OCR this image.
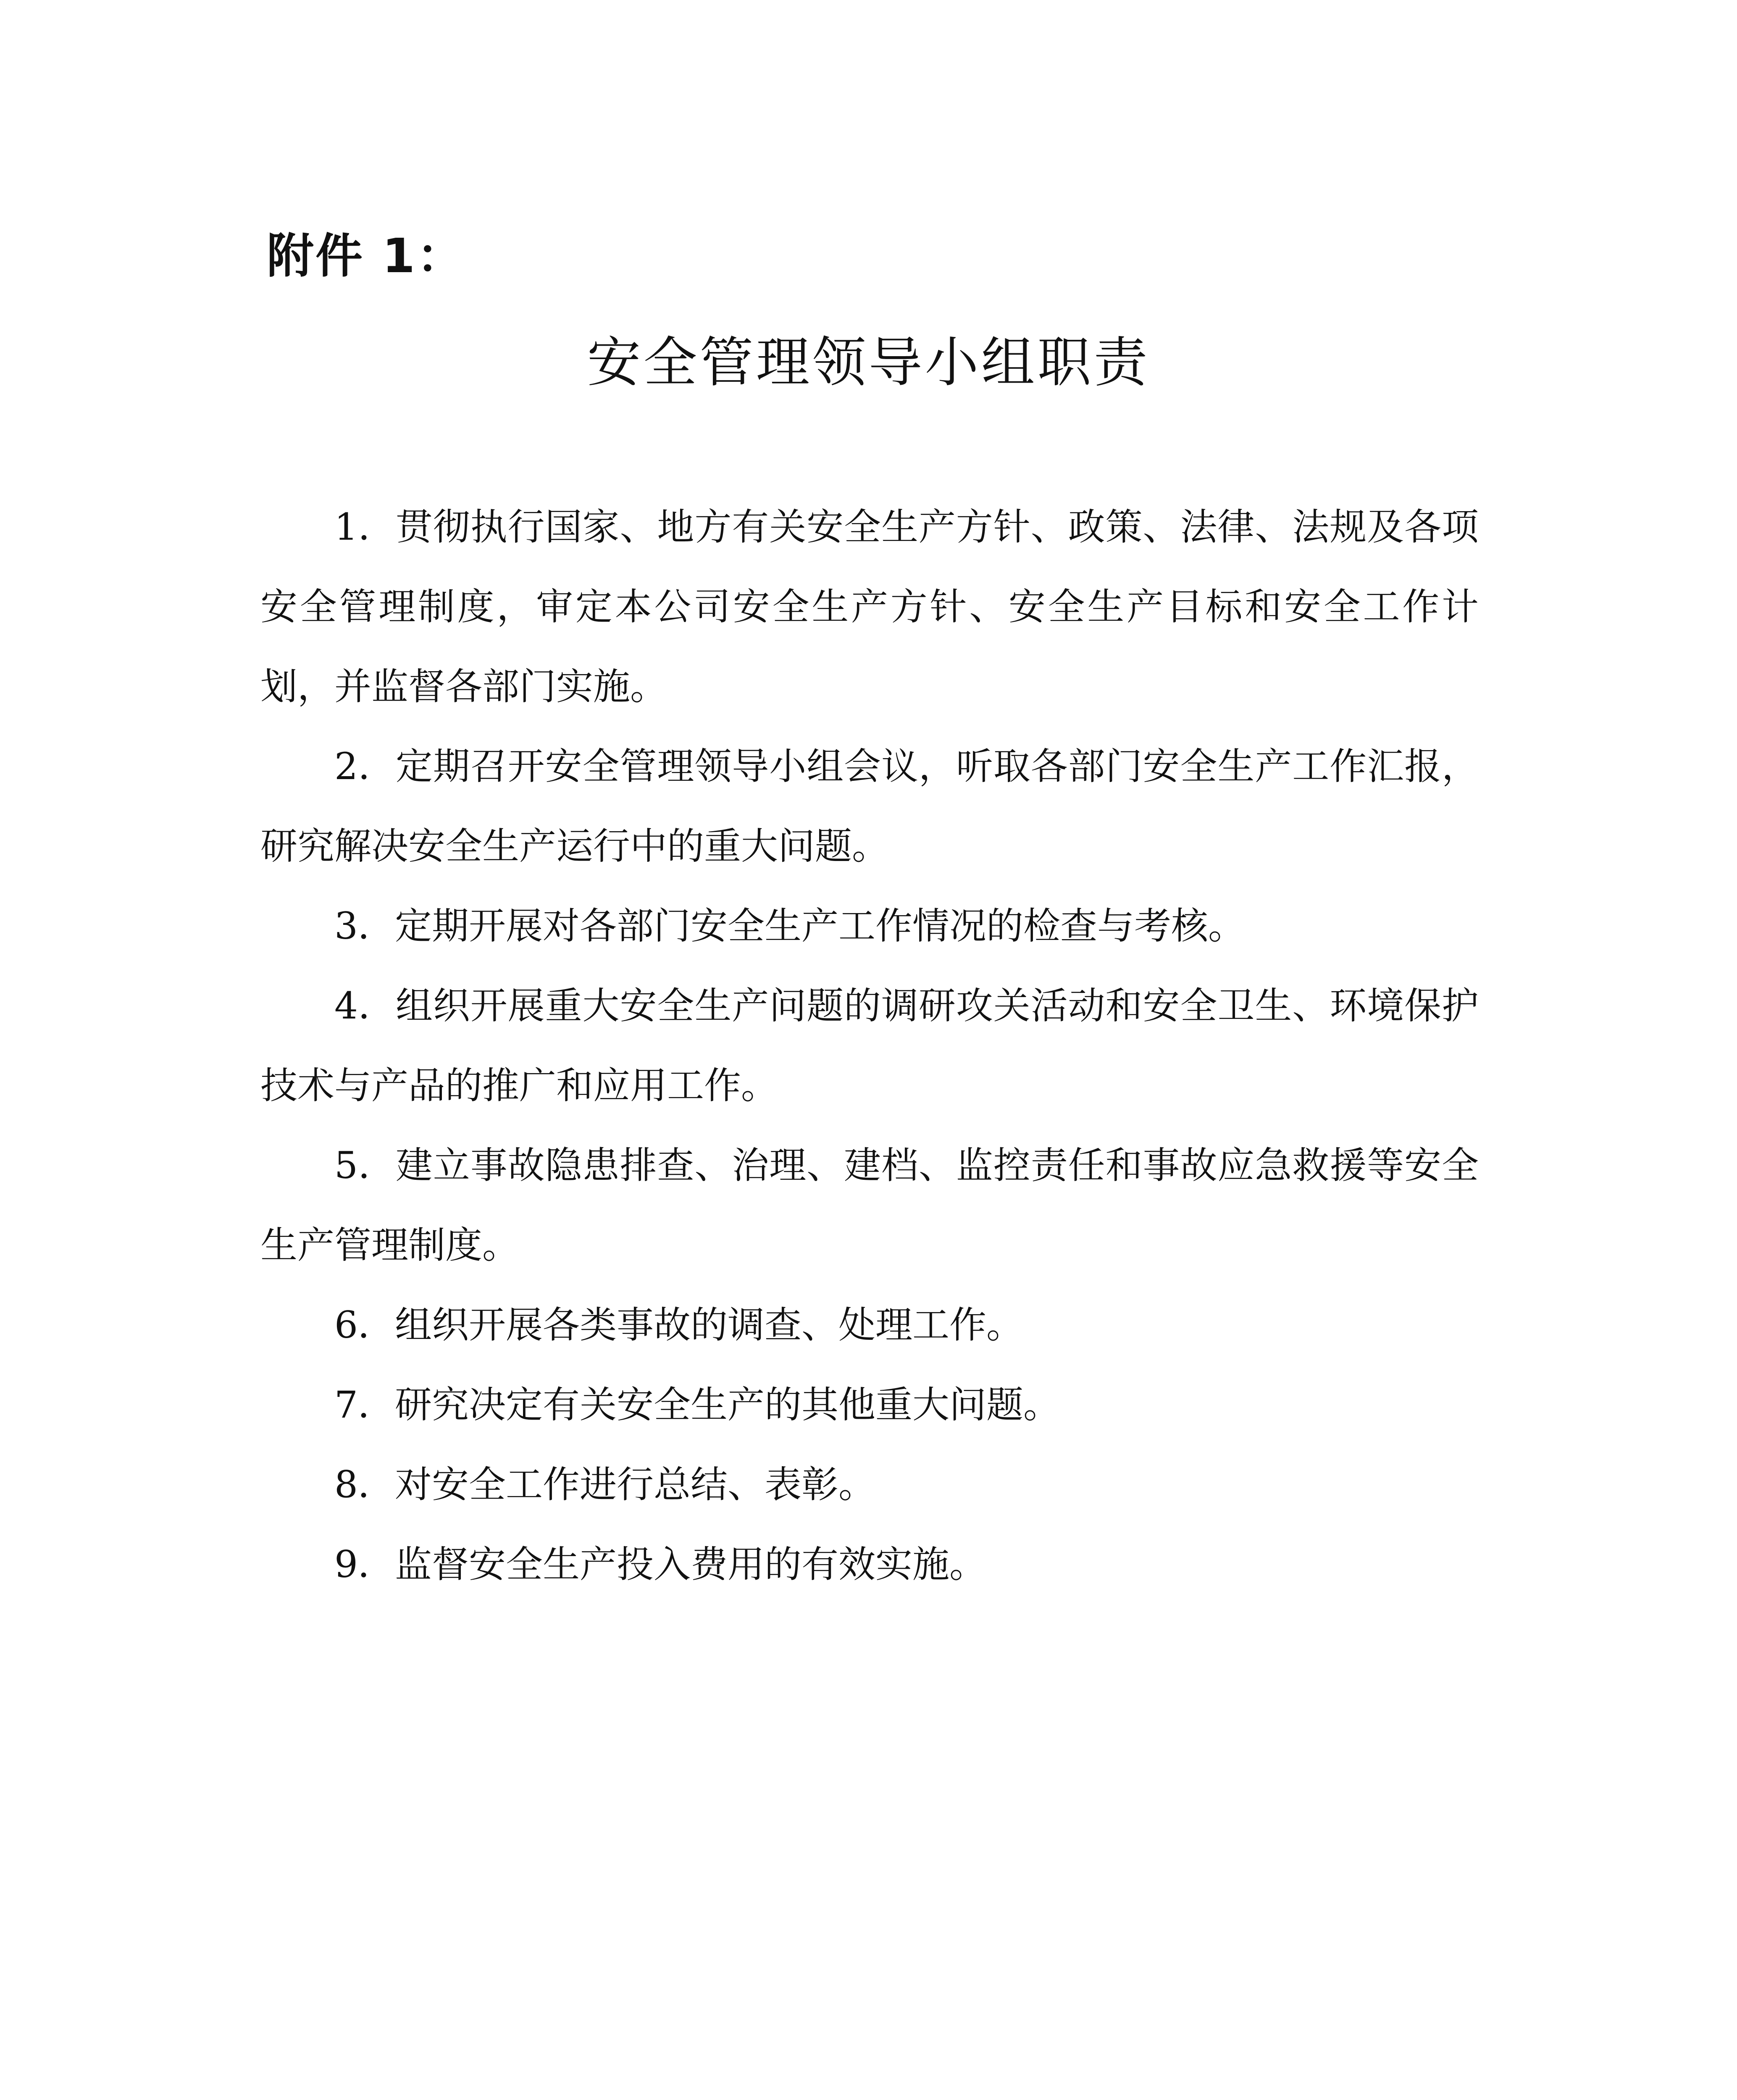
附件 1：
安全管理领导小组职责

1．贯彻执行国家、地方有关安全生产方针、政策、法律、法规及各项安全管理制度，审定本公司安全生产方针、安全生产目标和安全工作计划，并监督各部门实施。

2．定期召开安全管理领导小组会议，听取各部门安全生产工作汇报，研究解决安全生产运行中的重大问题。

3．定期开展对各部门安全生产工作情况的检查与考核。

4．组织开展重大安全生产问题的调研攻关活动和安全卫生、环境保护技术与产品的推广和应用工作。

5．建立事故隐患排查、治理、建档、监控责任和事故应急救援等安全生产管理制度。

6．组织开展各类事故的调查、处理工作。

7．研究决定有关安全生产的其他重大问题。

8．对安全工作进行总结、表彰。

9．监督安全生产投入费用的有效实施。
